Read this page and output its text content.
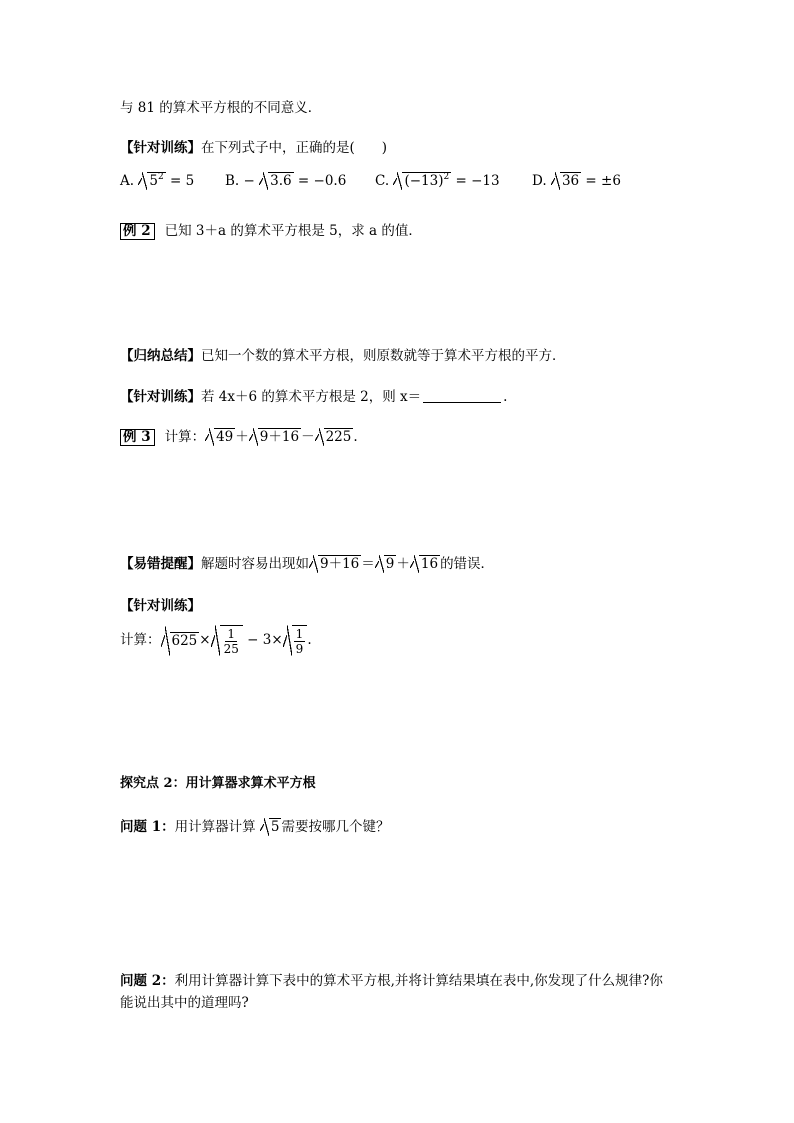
与 81 的算术平方根的不同意义．
【针对训练】在下列式子中，正确的是(　　)
A. $5^2 = 5$ B. − 3.6 = −0.6 C. $(-13)^2 = -13$ D. 36 = ±6
例 2 已知 3＋a 的算术平方根是 5，求 a 的值．
【归纳总结】已知一个数的算术平方根，则原数就等于算术平方根的平方．
【针对训练】若 4x＋6 的算术平方根是 2，则 x＝	.
例 3 计算： 49 ＋ 9＋16 － 225 .
【易错提醒】解题时容易出现如 9＋16 ＝ 9 ＋ 16 的错误．
【针对训练】
计算： $625 \times \frac{1}{25} - 3\times \frac{1}{9}$ .
探究点 2：用计算器求算术平方根
问题 1：用计算器计算 5 需要按哪几个键？
问题 2：利用计算器计算下表中的算术平方根,并将计算结果填在表中,你发现了什么规律?你
能说出其中的道理吗?
